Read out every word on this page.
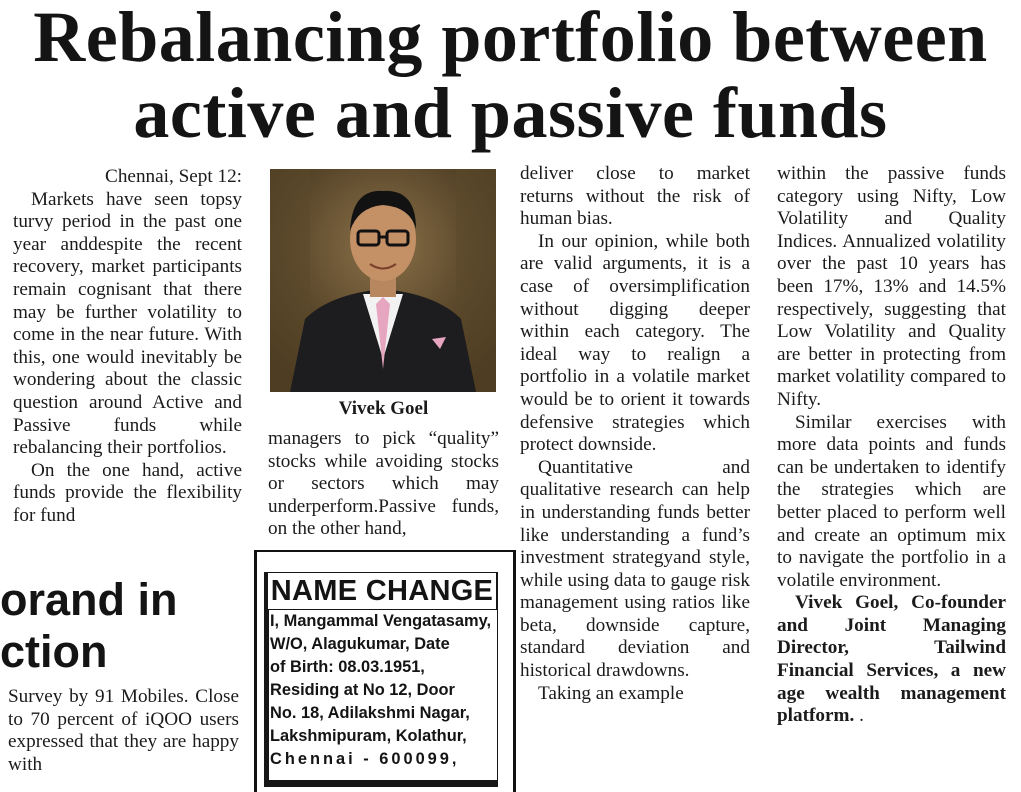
Rebalancing portfolio between
active and passive funds

Chennai, Sept 12:

Markets have seen topsy turvy period in the past one year anddespite the recent recovery, market participants remain cognisant that there may be further volatility to come in the near future. With this, one would inevitably be wondering about the classic question around Active and Passive funds while rebalancing their portfolios.

On the one hand, active funds provide the flexibility for fund

Vivek Goel

managers to pick “quality” stocks while avoiding stocks or sectors which may underperform.Passive funds, on the other hand,

NAME CHANGE
I, Mangammal Vengatasamy,
W/O, Alagukumar, Date
of Birth: 08.03.1951,
Residing at No 12, Door
No. 18, Adilakshmi Nagar,
Lakshmipuram, Kolathur,
Chennai - 600099,

deliver close to market returns without the risk of human bias.

In our opinion, while both are valid arguments, it is a case of oversimplification without digging deeper within each category. The ideal way to realign a portfolio in a volatile market would be to orient it towards defensive strategies which protect downside.

Quantitative and qualitative research can help in understanding funds better like understanding a fund’s investment strategyand style, while using data to gauge risk management using ratios like beta, downside capture, standard deviation and historical drawdowns.

Taking an example

within the passive funds category using Nifty, Low Volatility and Quality Indices. Annualized volatility over the past 10 years has been 17%, 13% and 14.5% respectively, suggesting that Low Volatility and Quality are better in protecting from market volatility compared to Nifty.

Similar exercises with more data points and funds can be undertaken to identify the strategies which are better placed to perform well and create an optimum mix to navigate the portfolio in a volatile environment.

Vivek Goel, Co-founder and Joint Managing Director, Tailwind Financial Services, a new age wealth management platform. .

orand in
ction
Survey by 91 Mobiles. Close to 70 percent of iQOO users expressed that they are happy with
